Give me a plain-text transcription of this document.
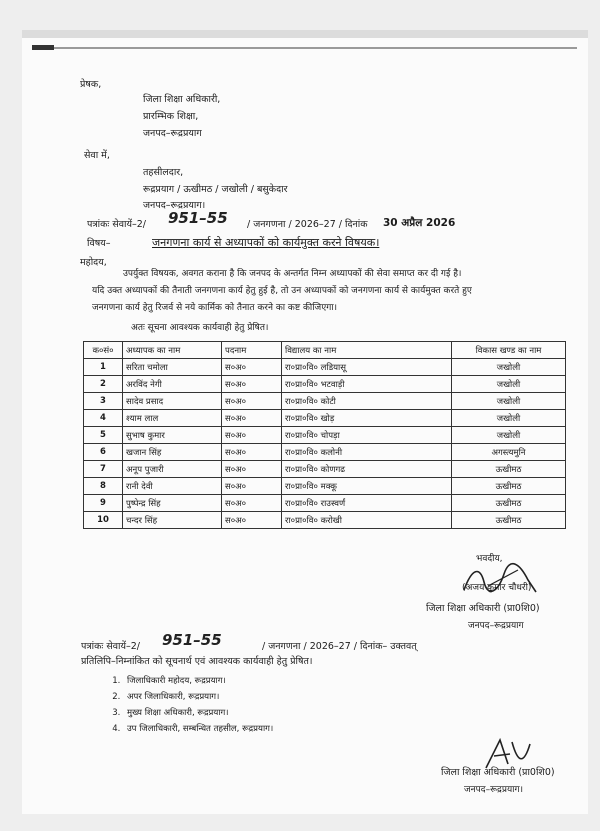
प्रेषक,
जिला शिक्षा अधिकारी,
प्रारम्भिक शिक्षा,
जनपद–रूद्रप्रयाग
सेवा में,
तहसीलदार,
रूद्रप्रयाग / ऊखीमठ / जखोली / बसुकेदार
जनपद–रूद्रप्रयाग।
पत्रांकः सेवायें–2/ 951–55 / जनगणना / 2026–27 / दिनांक 30 अप्रैल 2026
विषय–	जनगणना कार्य से अध्यापकों को कार्यमुक्त करने विषयक।
महोदय,
उपर्युक्त विषयक, अवगत कराना है कि जनपद के अन्तर्गत निम्न अध्यापकों की सेवा समाप्त कर दी गई है।
यदि उक्त अध्यापकों की तैनाती जनगणना कार्य हेतु हुई है, तो उन अध्यापकों को जनगणना कार्य से कार्यमुक्त करते हुए
जनगणना कार्य हेतु रिजर्व से नये कार्मिक को तैनात करने का कष्ट कीजिएगा।
अतः सूचना आवश्यक कार्यवाही हेतु प्रेषित।
क०सं०	अध्यापक का नाम	पदनाम	विद्यालय का नाम	विकास खण्ड का नाम
1	सरिता चमोला	स०अ०	रा०प्रा०वि० लडियासू	जखोली
2	अरविंद नेगी	स०अ०	रा०प्रा०वि० भटवाड़ी	जखोली
3	सादेव प्रसाद	स०अ०	रा०प्रा०वि० कोटी	जखोली
4	श्याम लाल	स०अ०	रा०प्रा०वि० खोड़	जखोली
5	सुभाष कुमार	स०अ०	रा०प्रा०वि० चोपड़ा	जखोली
6	खजान सिंह	स०अ०	रा०प्रा०वि० कलोनी	अगस्त्यमुनि
7	अनूप पुजारी	स०अ०	रा०प्रा०वि० कोणगढ	ऊखीमठ
8	रानी देवी	स०अ०	रा०प्रा०वि० मक्कू	ऊखीमठ
9	पुष्पेन्द्र सिंह	स०अ०	रा०प्रा०वि० राउस्वर्णं	ऊखीमठ
10	चन्दर सिंह	स०अ०	रा०प्रा०वि० करोखी	ऊखीमठ
भवदीय,
(अजय कुमार चौधरी)
जिला शिक्षा अधिकारी (प्रा0शि0)
जनपद–रूद्रप्रयाग
पत्रांकः सेवायें–2/ 951–55	/ जनगणना / 2026–27 / दिनांक– उक्तवत्
प्रतिलिपि–निम्नांकित को सूचनार्थ एवं आवश्यक कार्यवाही हेतु प्रेषित।
1. जिलाधिकारी महोदय, रूद्रप्रयाग।
2. अपर जिलाधिकारी, रूद्रप्रयाग।
3. मुख्य शिक्षा अधिकारी, रूद्रप्रयाग।
4. उप जिलाधिकारी, सम्बन्धित तहसील, रूद्रप्रयाग।
जिला शिक्षा अधिकारी (प्रा0शि0)
जनपद–रूद्रप्रयाग।
